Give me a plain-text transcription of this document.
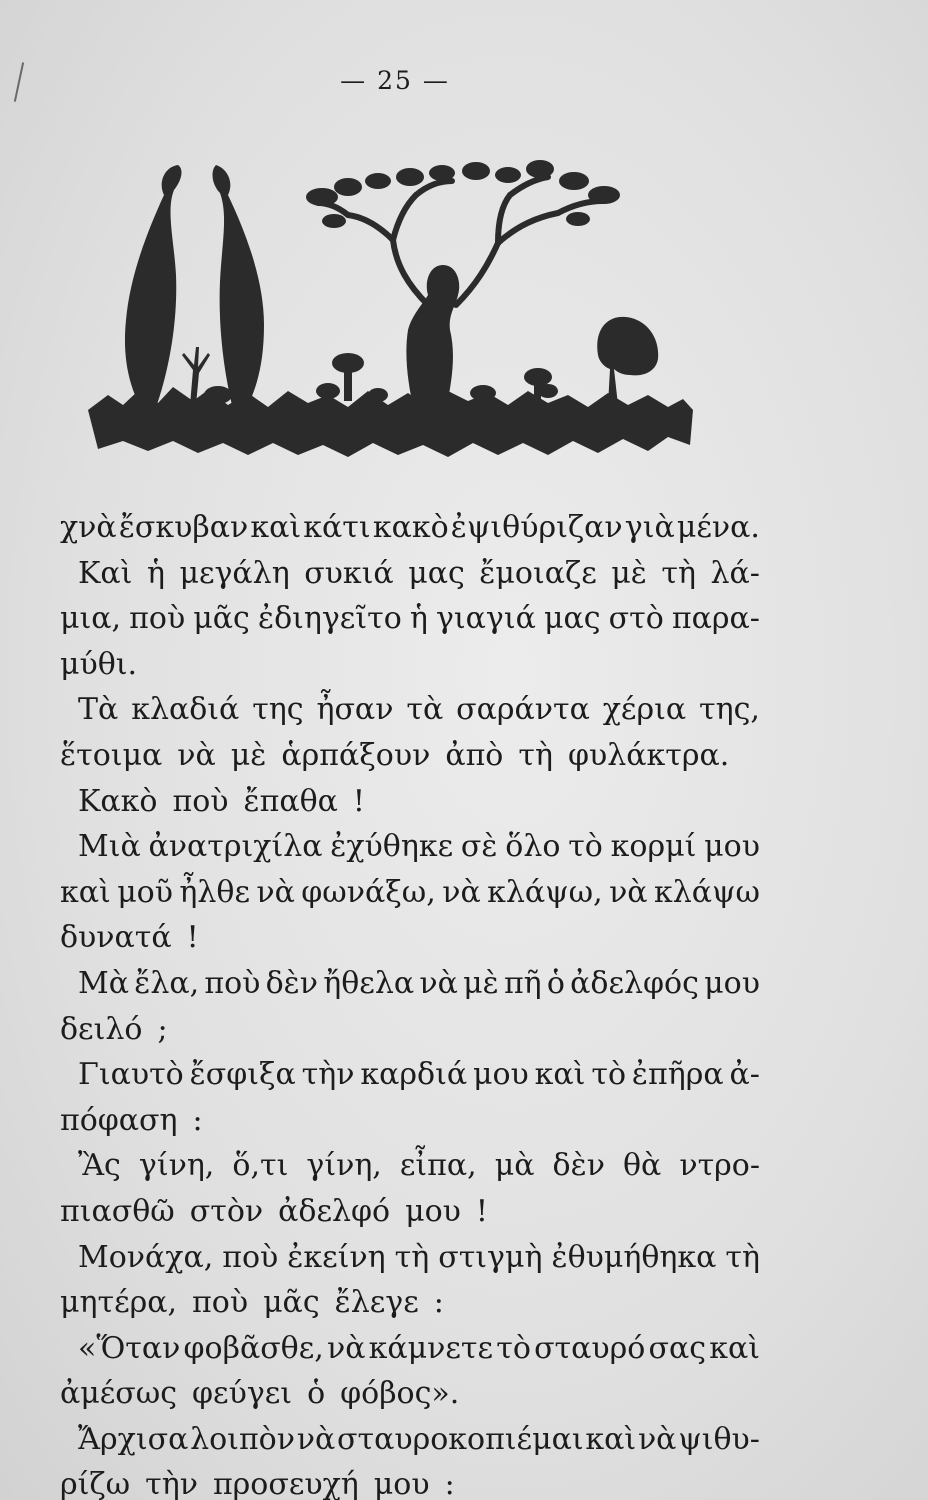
— 25 —
χνὰ ἔσκυβαν καὶ κάτι κακὸ ἐψιθύριζαν γιὰ μένα.
Καὶ ἡ μεγάλη συκιά μας ἔμοιαζε μὲ τὴ λά-
μια, ποὺ μᾶς ἐδιηγεῖτο ἡ γιαγιά μας στὸ παρα-
μύθι.
Τὰ κλαδιά της ἦσαν τὰ σαράντα χέρια της,
ἕτοιμα νὰ μὲ ἁρπάξουν ἀπὸ τὴ φυλάκτρα.
Κακὸ ποὺ ἔπαθα !
Μιὰ ἀνατριχίλα ἐχύθηκε σὲ ὅλο τὸ κορμί μου
καὶ μοῦ ἦλθε νὰ φωνάξω, νὰ κλάψω, νὰ κλάψω
δυνατά !
Μὰ ἔλα, ποὺ δὲν ἤθελα νὰ μὲ πῆ ὁ ἀδελφός μου
δειλό ;
Γιαυτὸ ἔσφιξα τὴν καρδιά μου καὶ τὸ ἐπῆρα ἀ-
πόφαση :
Ἂς γίνη, ὅ,τι γίνη, εἶπα, μὰ δὲν θὰ ντρο-
πιασθῶ στὸν ἀδελφό μου !
Μονάχα, ποὺ ἐκείνη τὴ στιγμὴ ἐθυμήθηκα τὴ
μητέρα, ποὺ μᾶς ἔλεγε :
«Ὅταν φοβᾶσθε, νὰ κάμνετε τὸ σταυρό σας καὶ
ἀμέσως φεύγει ὁ φόβος».
Ἄρχισα λοιπὸν νὰ σταυροκοπιέμαι καὶ νὰ ψιθυ-
ρίζω τὴν προσευχή μου :
